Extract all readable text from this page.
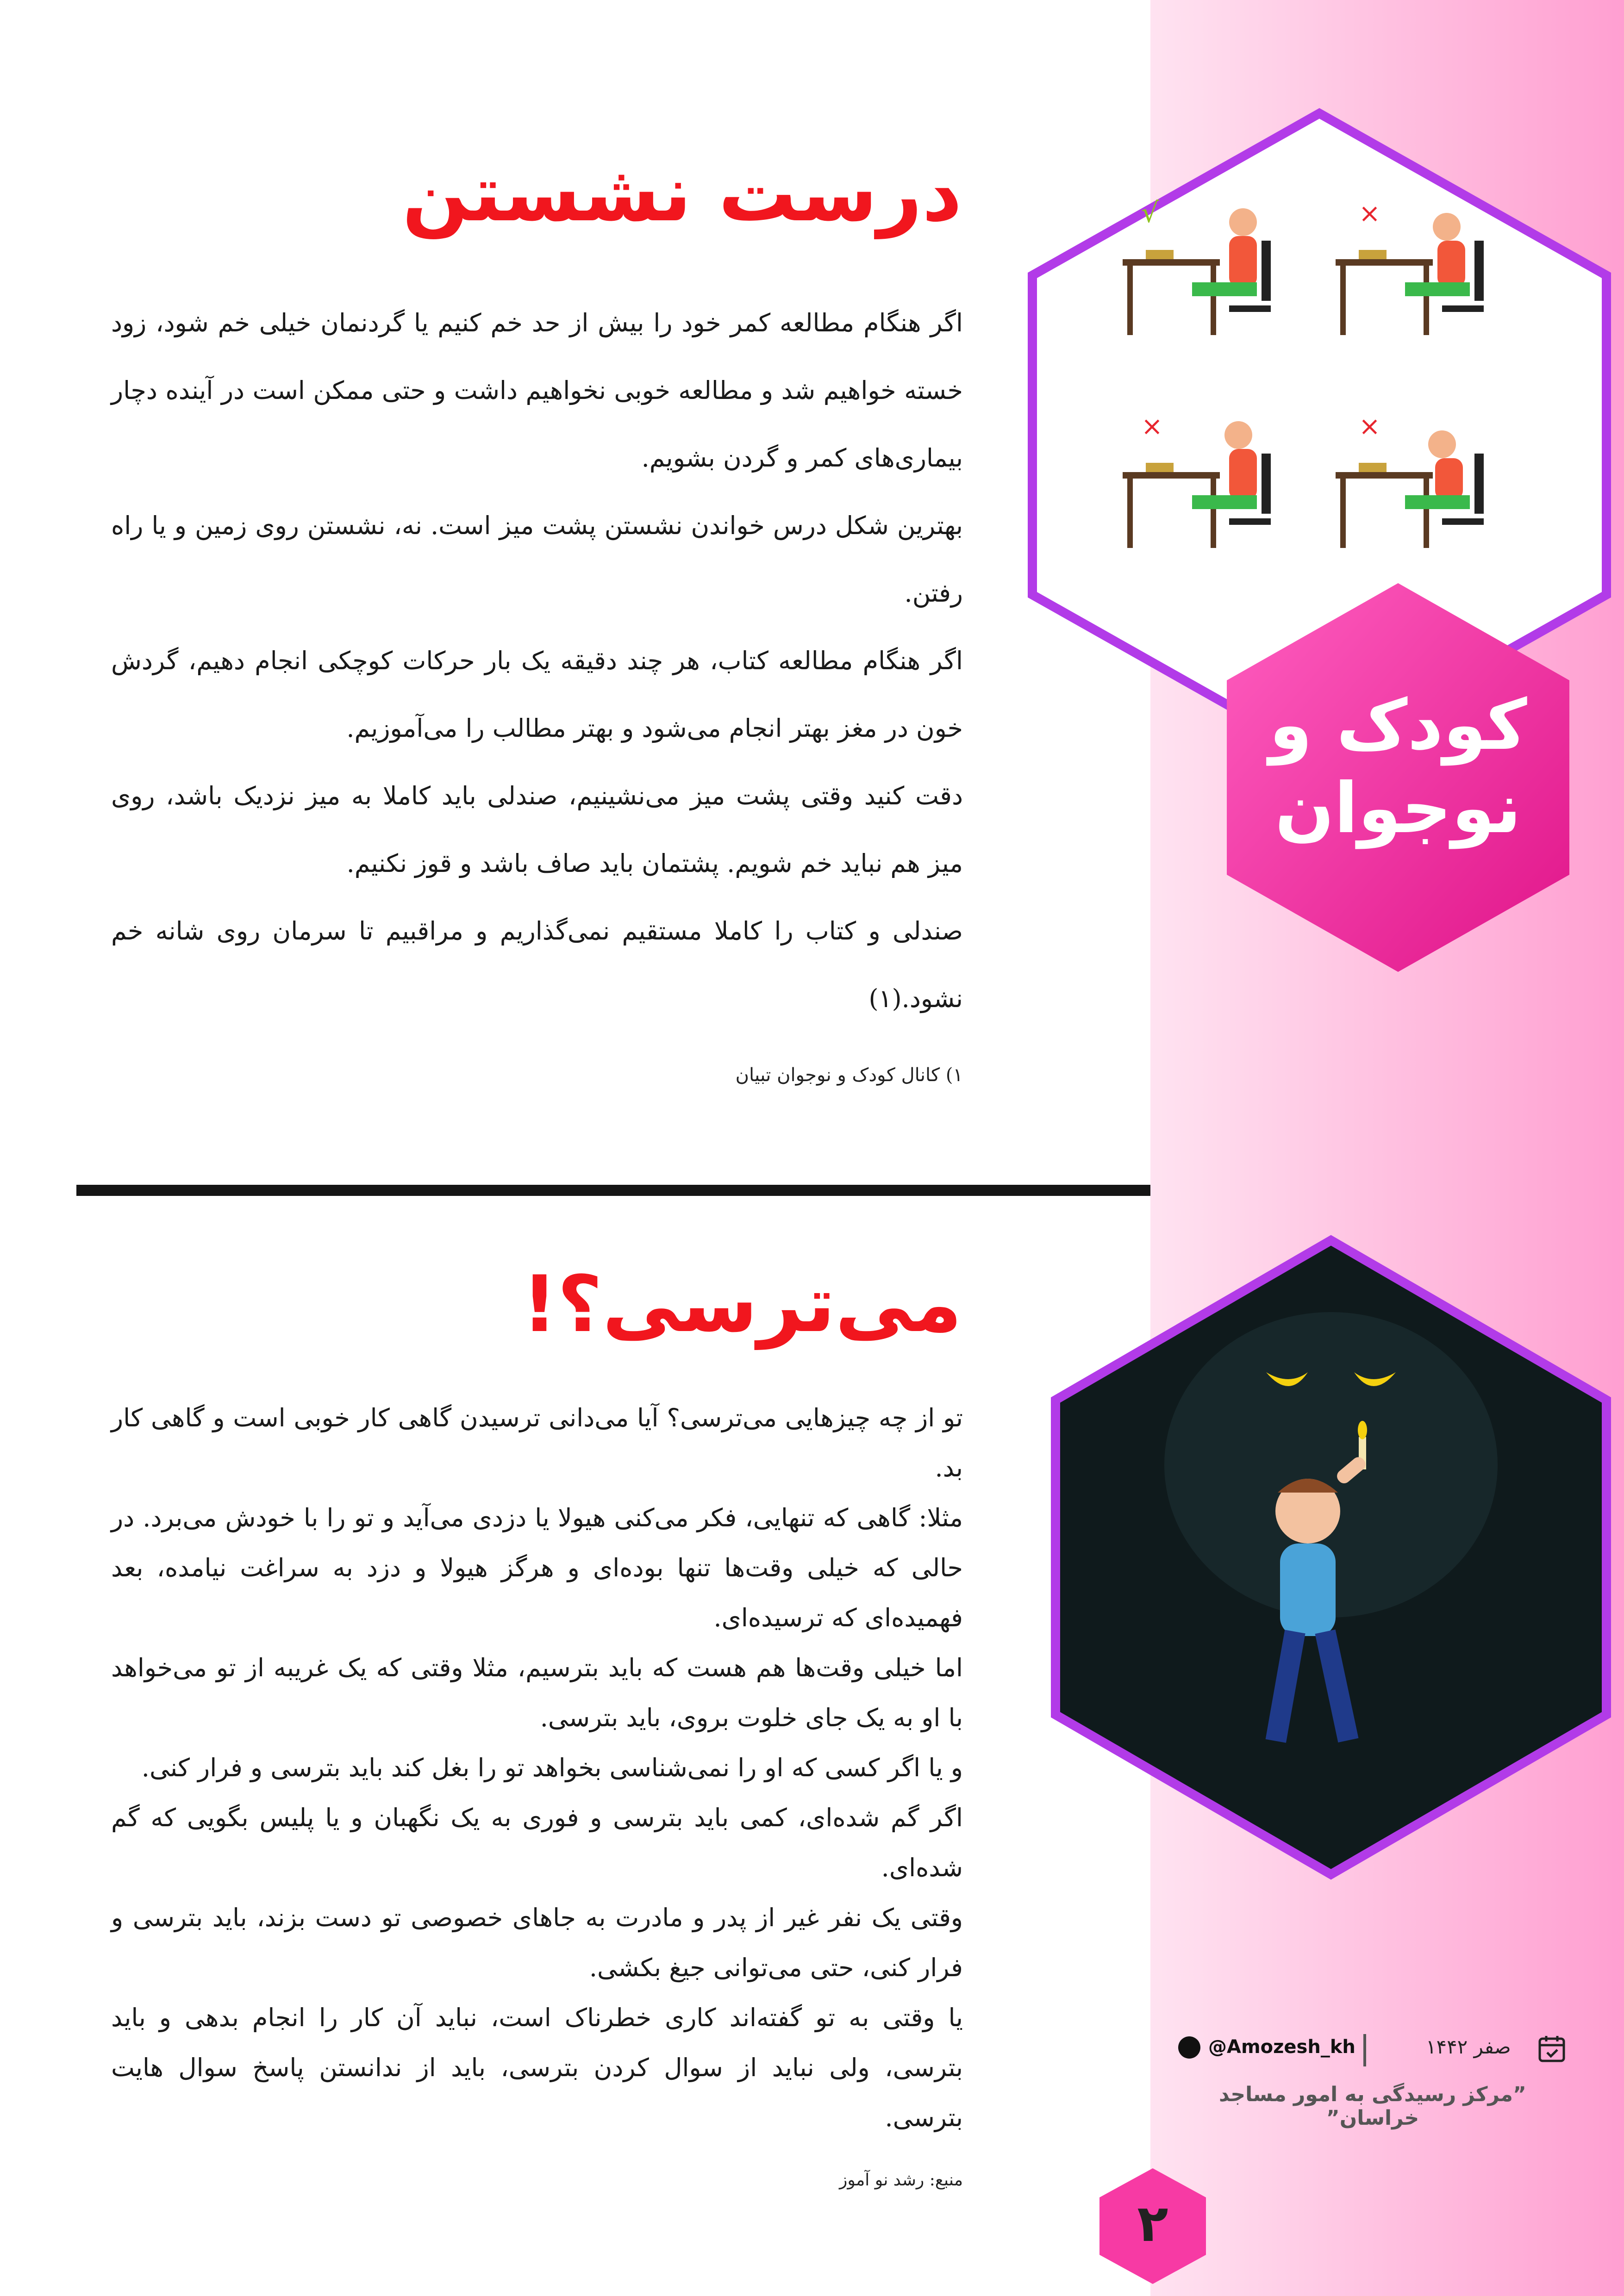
درست نشستن

اگر هنگام مطالعه کمر خود را بیش از حد خم کنیم یا گردنمان خیلی خم شود، زود خسته خواهیم شد و مطالعه خوبی نخواهیم داشت و حتی ممکن است در آینده دچار بیماری‌های کمر و گردن بشویم.

بهترین شکل درس خواندن نشستن پشت میز است. نه، نشستن روی زمین و یا راه رفتن.

اگر هنگام مطالعه کتاب، هر چند دقیقه یک بار حرکات کوچکی انجام دهیم، گردش خون در مغز بهتر انجام می‌شود و بهتر مطالب را می‌آموزیم.

دقت کنید وقتی پشت میز می‌نشینیم، صندلی باید کاملا به میز نزدیک باشد، روی میز هم نباید خم شویم. پشتمان باید صاف باشد و قوز نکنیم.

صندلی و کتاب را کاملا مستقیم نمی‌گذاریم و مراقبیم تا سرمان روی شانه خم نشود.(۱)

۱) کانال کودک و نوجوان تبیان
می‌ترسی؟!

تو از چه چیزهایی می‌ترسی؟ آیا می‌دانی ترسیدن گاهی کار خوبی است و گاهی کار بد.

مثلا: گاهی که تنهایی، فکر می‌کنی هیولا یا دزدی می‌آید و تو را با خودش می‌برد. در حالی که خیلی وقت‌ها تنها بوده‌ای و هرگز هیولا و دزد به سراغت نیامده، بعد فهمیده‌ای که ترسیده‌ای.

اما خیلی وقت‌ها هم هست که باید بترسیم، مثلا وقتی که یک غریبه از تو می‌خواهد با او به یک جای خلوت بروی، باید بترسی.

و یا اگر کسی که او را نمی‌شناسی بخواهد تو را بغل کند باید بترسی و فرار کنی.

اگر گم شده‌ای، کمی باید بترسی و فوری به یک نگهبان و یا پلیس بگویی که گم شده‌ای.

وقتی یک نفر غیر از پدر و مادرت به جاهای خصوصی تو دست بزند، باید بترسی و فرار کنی، حتی می‌توانی جیغ بکشی.

یا وقتی به تو گفته‌اند کاری خطرناک است، نباید آن کار را انجام بدهی و باید بترسی، ولی نباید از سوال کردن بترسی، باید از ندانستن پاسخ سوال هایت بترسی.

منبع: رشد نو آموز
√	×
×	×
کودک و
نوجوان
@Amozesh_kh	صفر ۱۴۴۲
”مرکز رسیدگی به امور مساجد خراسان”
۲
